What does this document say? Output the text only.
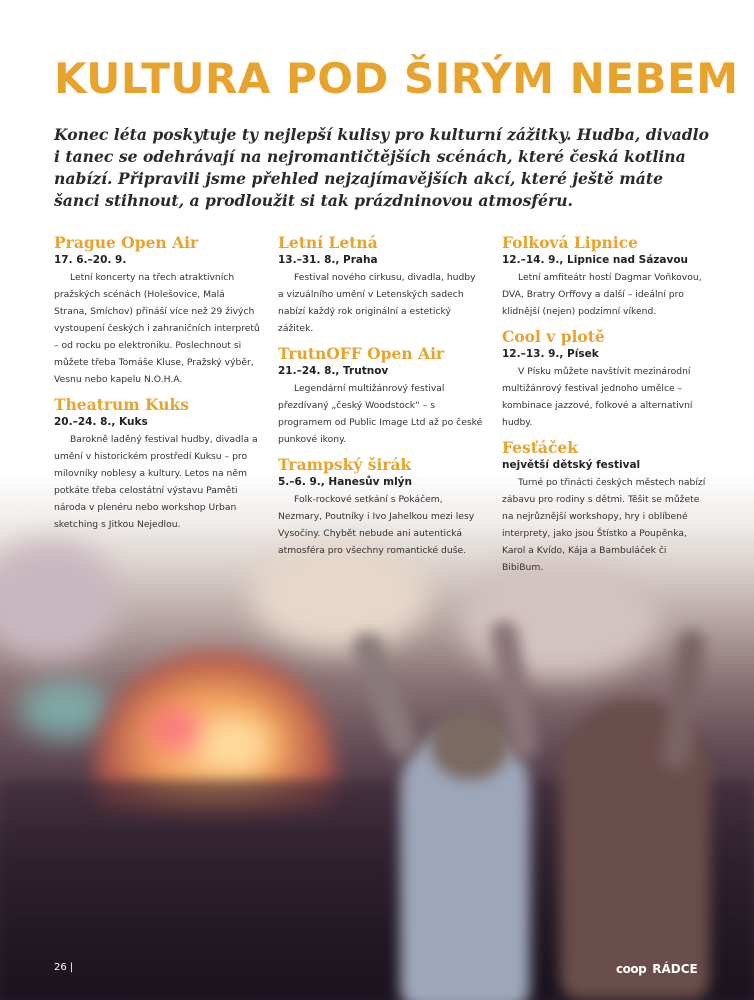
KULTURA POD ŠIRÝM NEBEM

Konec léta poskytuje ty nejlepší kulisy pro kulturní zážitky. Hudba, divadlo i tanec se odehrávají na nejromantičtějších scénách, které česká kotlina nabízí. Připravili jsme přehled nejzajímavějších akcí, které ještě máte šanci stihnout, a prodloužit si tak prázdninovou atmosféru.

Prague Open Air

17. 6.–20. 9.

Letní koncerty na třech atraktivních pražských scénách (Holešovice, Malá Strana, Smíchov) přináší více než 29 živých vystoupení českých i zahraničních interpretů – od rocku po elektroniku. Poslechnout si můžete třeba Tomáše Kluse, Pražský výběr, Vesnu nebo kapelu N.O.H.A.

Theatrum Kuks

20.–24. 8., Kuks

Barokně laděný festival hudby, divadla a umění v historickém prostředí Kuksu – pro milovníky noblesy a kultury. Letos na něm potkáte třeba celostátní výstavu Paměti národa v plenéru nebo workshop Urban sketching s Jitkou Nejedlou.

Letní Letná

13.–31. 8., Praha

Festival nového cirkusu, divadla, hudby a vizuálního umění v Letenských sadech nabízí každý rok originální a estetický zážitek.

TrutnOFF Open Air

21.–24. 8., Trutnov

Legendární multižánrový festival přezdívaný „český Woodstock“ – s programem od Public Image Ltd až po české punkové ikony.

Trampský širák

5.–6. 9., Hanesův mlýn

Folk-rockové setkání s Pokáčem, Nezmary, Poutníky i Ivo Jahelkou mezi lesy Vysočiny. Chybět nebude ani autentická atmosféra pro všechny romantické duše.

Folková Lipnice

12.–14. 9., Lipnice nad Sázavou

Letní amfiteátr hostí Dagmar Voňkovou, DVA, Bratry Orffovy a další – ideální pro klidnější (nejen) podzimní víkend.

Cool v plotě

12.–13. 9., Písek

V Písku můžete navštívit mezinárodní multižánrový festival jednoho umělce – kombinace jazzové, folkové a alternativní hudby.

Fesťáček

největší dětský festival

Turné po třinácti českých městech nabízí zábavu pro rodiny s dětmi. Těšit se můžete na nejrůznější workshopy, hry i oblíbené interprety, jako jsou Štístko a Poupěnka, Karol a Kvído, Kája a Bambuláček či BibiBum.

26 |	coop RÁDCE
